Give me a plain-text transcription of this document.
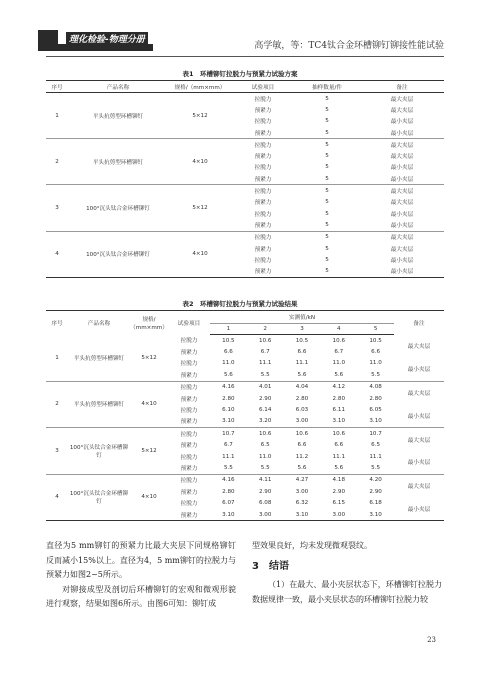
理化检验-物理分册
高学敏，等：TC4钛合金环槽铆钉铆接性能试验
表1　环槽铆钉拉脱力与预紧力试验方案
序号	产品名称	规格/（mm×mm）	试验项目	抽样数量/件	备注
1	平头抗剪型环槽铆钉	5×12	拉脱力	5	最大夹层
			预紧力	5	最大夹层
			拉脱力	5	最小夹层
			预紧力	5	最小夹层
2	平头抗剪型环槽铆钉	4×10	拉脱力	5	最大夹层
			预紧力	5	最大夹层
			拉脱力	5	最小夹层
			预紧力	5	最小夹层
3	100°沉头钛合金环槽铆钉	5×12	拉脱力	5	最大夹层
			预紧力	5	最大夹层
			拉脱力	5	最小夹层
			预紧力	5	最小夹层
4	100°沉头钛合金环槽铆钉	4×10	拉脱力	5	最大夹层
			预紧力	5	最大夹层
			拉脱力	5	最小夹层
			预紧力	5	最小夹层
表2　环槽铆钉拉脱力与预紧力试验结果
序号	产品名称	规格/（mm×mm）	试验项目	实测值/kN					备注
				1	2	3	4	5	
1	平头抗剪型环槽铆钉	5×12	拉脱力	10.5	10.6	10.5	10.6	10.5	最大夹层
			预紧力	6.6	6.7	6.6	6.7	6.6	
			拉脱力	11.0	11.1	11.1	11.0	11.0	最小夹层
			预紧力	5.6	5.5	5.6	5.6	5.5	
2	平头抗剪型环槽铆钉	4×10	拉脱力	4.16	4.01	4.04	4.12	4.08	最大夹层
			预紧力	2.80	2.90	2.80	2.80	2.80	
			拉脱力	6.10	6.14	6.03	6.11	6.05	最小夹层
			预紧力	3.10	3.20	3.00	3.10	3.10	
3	100°沉头钛合金环槽铆钉	5×12	拉脱力	10.7	10.6	10.6	10.6	10.7	最大夹层
			预紧力	6.7	6.5	6.6	6.6	6.5	
			拉脱力	11.1	11.0	11.2	11.1	11.1	最小夹层
			预紧力	5.5	5.5	5.6	5.6	5.5	
4	100°沉头钛合金环槽铆钉	4×10	拉脱力	4.16	4.11	4.27	4.18	4.20	最大夹层
			预紧力	2.80	2.90	3.00	2.90	2.90	
			拉脱力	6.07	6.08	6.32	6.15	6.18	最小夹层
			预紧力	3.10	3.00	3.10	3.00	3.10	

直径为5 mm铆钉的预紧力比最大夹层下同规格铆钉反而减小15%以上。直径为4，5 mm铆钉的拉脱力与预紧力如图2~5所示。

对铆接成型及剖切后环槽铆钉的宏观和微观形貌进行观察，结果如图6所示。由图6可知：铆钉成

型效果良好，均未发现微观裂纹。

3　结语

（1）在最大、最小夹层状态下，环槽铆钉拉脱力数据规律一致，最小夹层状态的环槽铆钉拉脱力较

23
